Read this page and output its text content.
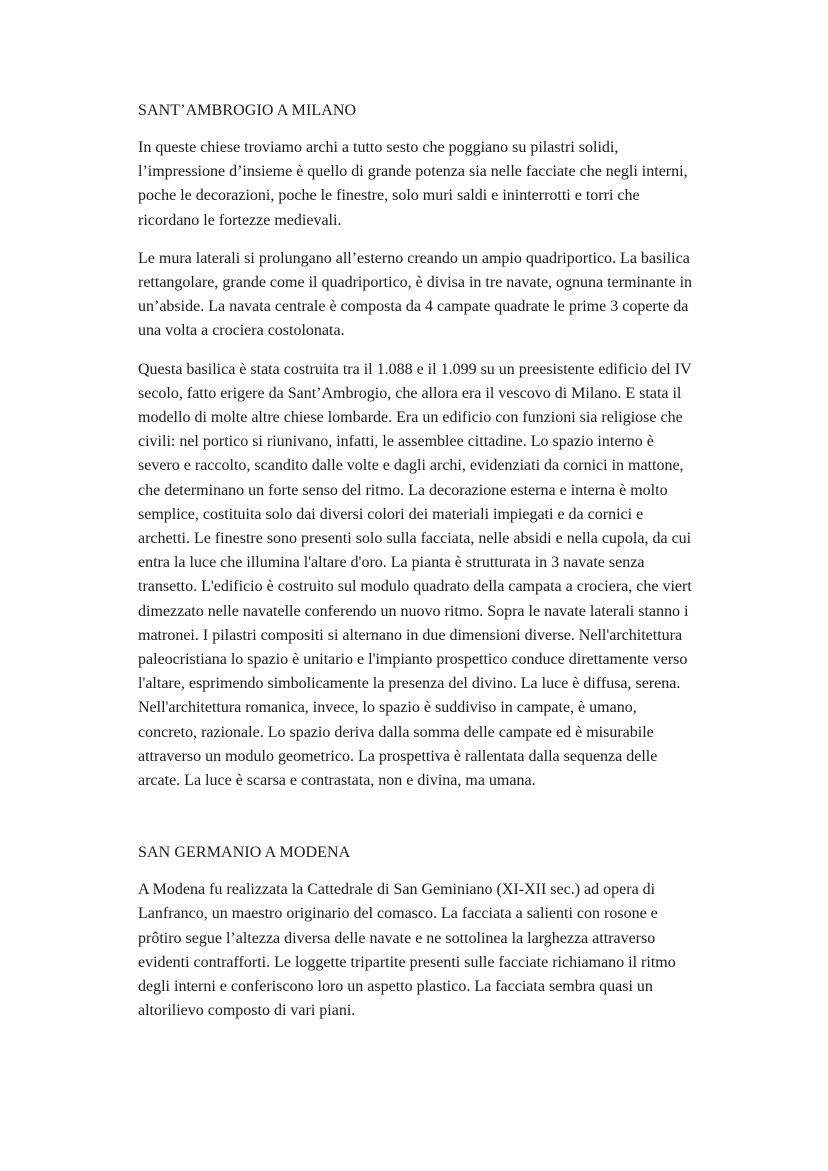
SANT’AMBROGIO A MILANO

In queste chiese troviamo archi a tutto sesto che poggiano su pilastri solidi, l’impressione d’insieme è quello di grande potenza sia nelle facciate che negli interni, poche le decorazioni, poche le finestre, solo muri saldi e ininterrotti e torri che ricordano le fortezze medievali.

Le mura laterali si prolungano all’esterno creando un ampio quadriportico. La basilica rettangolare, grande come il quadriportico, è divisa in tre navate, ognuna terminante in un’abside. La navata centrale è composta da 4 campate quadrate le prime 3 coperte da una volta a crociera costolonata.

Questa basilica è stata costruita tra il 1.088 e il 1.099 su un preesistente edificio del IV secolo, fatto erigere da Sant’Ambrogio, che allora era il vescovo di Milano. E stata il modello di molte altre chiese lombarde. Era un edificio con funzioni sia religiose che civili: nel portico si riunivano, infatti, le assemblee cittadine. Lo spazio interno è severo e raccolto, scandito dalle volte e dagli archi, evidenziati da cornici in mattone, che determinano un forte senso del ritmo. La decorazione esterna e interna è molto semplice, costituita solo dai diversi colori dei materiali impiegati e da cornici e archetti. Le finestre sono presenti solo sulla facciata, nelle absidi e nella cupola, da cui entra la luce che illumina l'altare d'oro. La pianta è strutturata in 3 navate senza transetto. L'edificio è costruito sul modulo quadrato della campata a crociera, che viert dimezzato nelle navatelle conferendo un nuovo ritmo. Sopra le navate laterali stanno i matronei. I pilastri compositi si alternano in due dimensioni diverse. Nell'architettura paleocristiana lo spazio è unitario e l'impianto prospettico conduce direttamente verso l'altare, esprimendo simbolicamente la presenza del divino. La luce è diffusa, serena. Nell'architettura romanica, invece, lo spazio è suddiviso in campate, è umano, concreto, razionale. Lo spazio deriva dalla somma delle campate ed è misurabile attraverso un modulo geometrico. La prospettiva è rallentata dalla sequenza delle arcate. La luce è scarsa e contrastata, non e divina, ma umana.

SAN GERMANIO A MODENA

A Modena fu realizzata la Cattedrale di San Geminiano (XI-XII sec.) ad opera di Lanfranco, un maestro originario del comasco. La facciata a salienti con rosone e prôtiro segue l’altezza diversa delle navate e ne sottolinea la larghezza attraverso evidenti contrafforti. Le loggette tripartite presenti sulle facciate richiamano il ritmo degli interni e conferiscono loro un aspetto plastico. La facciata sembra quasi un altorilievo composto di vari piani.
